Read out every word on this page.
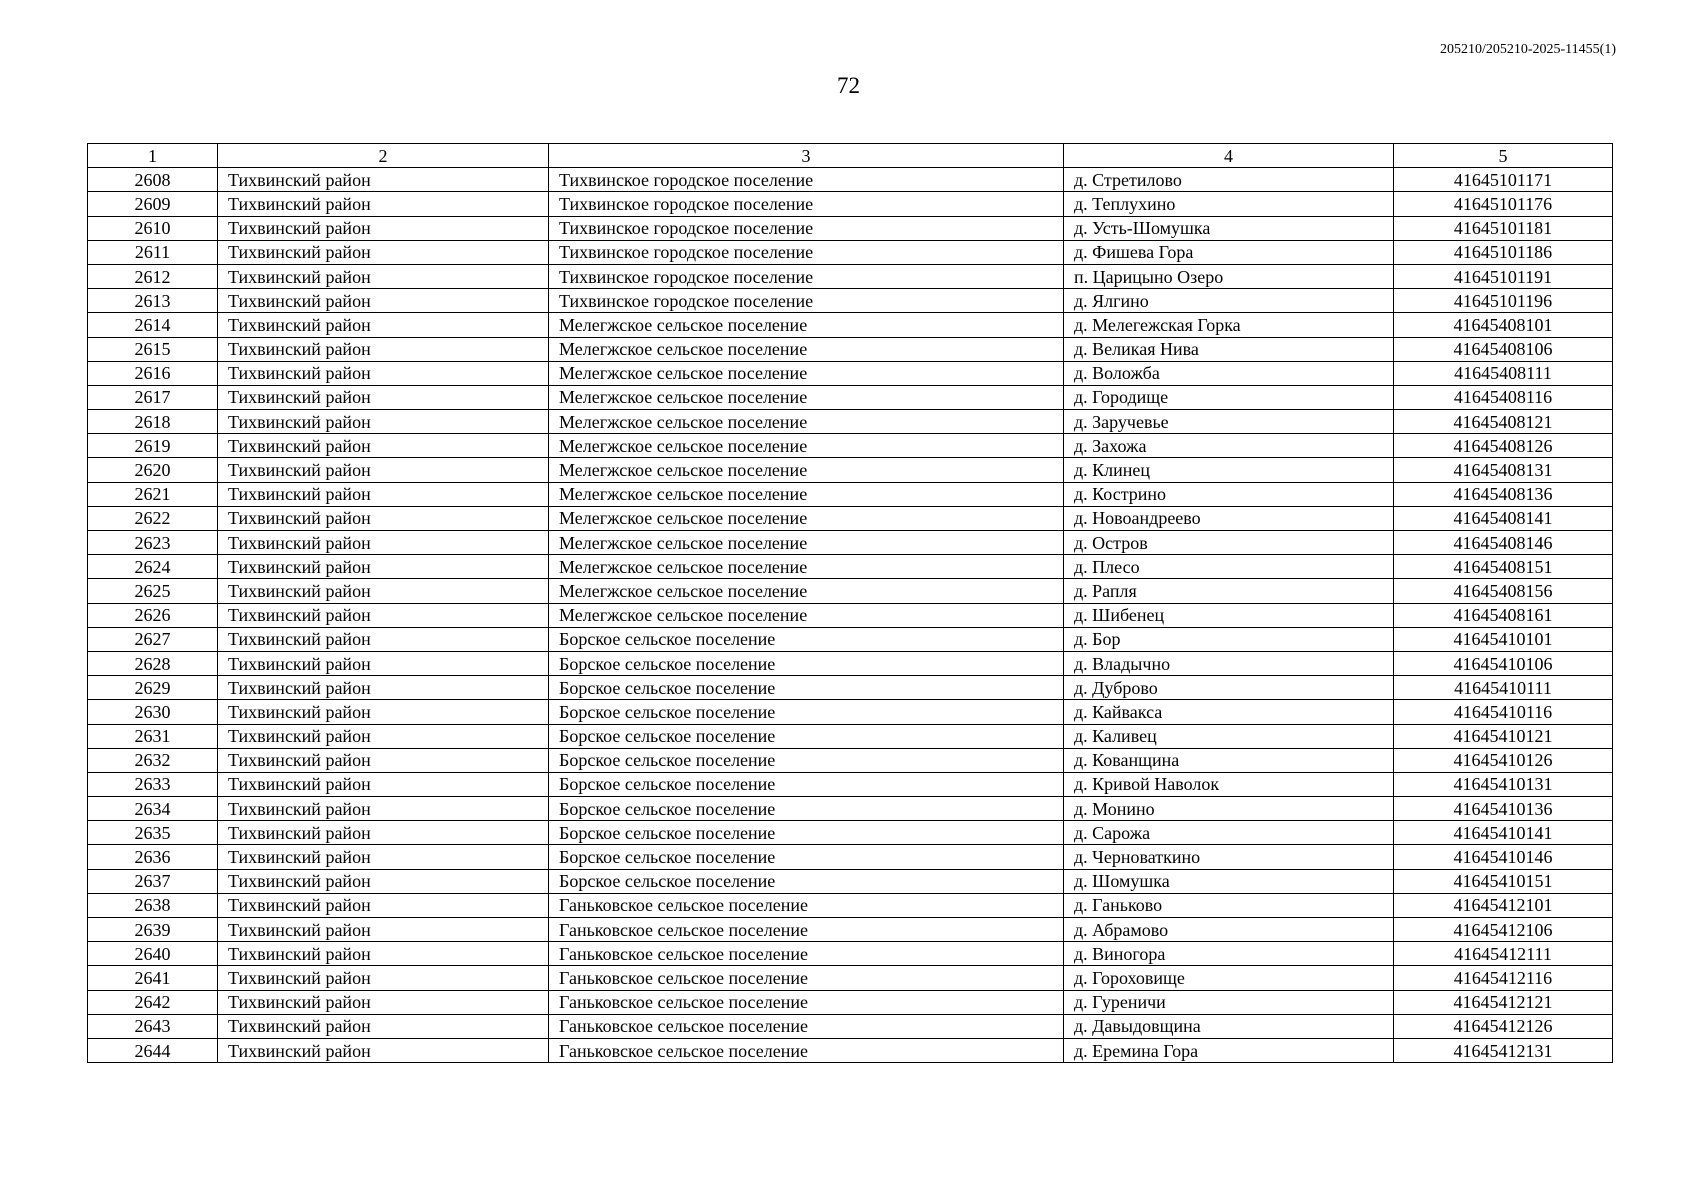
205210/205210-2025-11455(1)
72
1	2	3	4	5
2608	Тихвинский район	Тихвинское городское поселение	д. Стретилово	41645101171
2609	Тихвинский район	Тихвинское городское поселение	д. Теплухино	41645101176
2610	Тихвинский район	Тихвинское городское поселение	д. Усть-Шомушка	41645101181
2611	Тихвинский район	Тихвинское городское поселение	д. Фишева Гора	41645101186
2612	Тихвинский район	Тихвинское городское поселение	п. Царицыно Озеро	41645101191
2613	Тихвинский район	Тихвинское городское поселение	д. Ялгино	41645101196
2614	Тихвинский район	Мелегжское сельское поселение	д. Мелегежская Горка	41645408101
2615	Тихвинский район	Мелегжское сельское поселение	д. Великая Нива	41645408106
2616	Тихвинский район	Мелегжское сельское поселение	д. Воложба	41645408111
2617	Тихвинский район	Мелегжское сельское поселение	д. Городище	41645408116
2618	Тихвинский район	Мелегжское сельское поселение	д. Заручевье	41645408121
2619	Тихвинский район	Мелегжское сельское поселение	д. Захожа	41645408126
2620	Тихвинский район	Мелегжское сельское поселение	д. Клинец	41645408131
2621	Тихвинский район	Мелегжское сельское поселение	д. Кострино	41645408136
2622	Тихвинский район	Мелегжское сельское поселение	д. Новоандреево	41645408141
2623	Тихвинский район	Мелегжское сельское поселение	д. Остров	41645408146
2624	Тихвинский район	Мелегжское сельское поселение	д. Плесо	41645408151
2625	Тихвинский район	Мелегжское сельское поселение	д. Рапля	41645408156
2626	Тихвинский район	Мелегжское сельское поселение	д. Шибенец	41645408161
2627	Тихвинский район	Борское сельское поселение	д. Бор	41645410101
2628	Тихвинский район	Борское сельское поселение	д. Владычно	41645410106
2629	Тихвинский район	Борское сельское поселение	д. Дуброво	41645410111
2630	Тихвинский район	Борское сельское поселение	д. Кайвакса	41645410116
2631	Тихвинский район	Борское сельское поселение	д. Каливец	41645410121
2632	Тихвинский район	Борское сельское поселение	д. Кованщина	41645410126
2633	Тихвинский район	Борское сельское поселение	д. Кривой Наволок	41645410131
2634	Тихвинский район	Борское сельское поселение	д. Монино	41645410136
2635	Тихвинский район	Борское сельское поселение	д. Сарожа	41645410141
2636	Тихвинский район	Борское сельское поселение	д. Черноваткино	41645410146
2637	Тихвинский район	Борское сельское поселение	д. Шомушка	41645410151
2638	Тихвинский район	Ганьковское сельское поселение	д. Ганьково	41645412101
2639	Тихвинский район	Ганьковское сельское поселение	д. Абрамово	41645412106
2640	Тихвинский район	Ганьковское сельское поселение	д. Виногора	41645412111
2641	Тихвинский район	Ганьковское сельское поселение	д. Гороховище	41645412116
2642	Тихвинский район	Ганьковское сельское поселение	д. Гуреничи	41645412121
2643	Тихвинский район	Ганьковское сельское поселение	д. Давыдовщина	41645412126
2644	Тихвинский район	Ганьковское сельское поселение	д. Еремина Гора	41645412131
